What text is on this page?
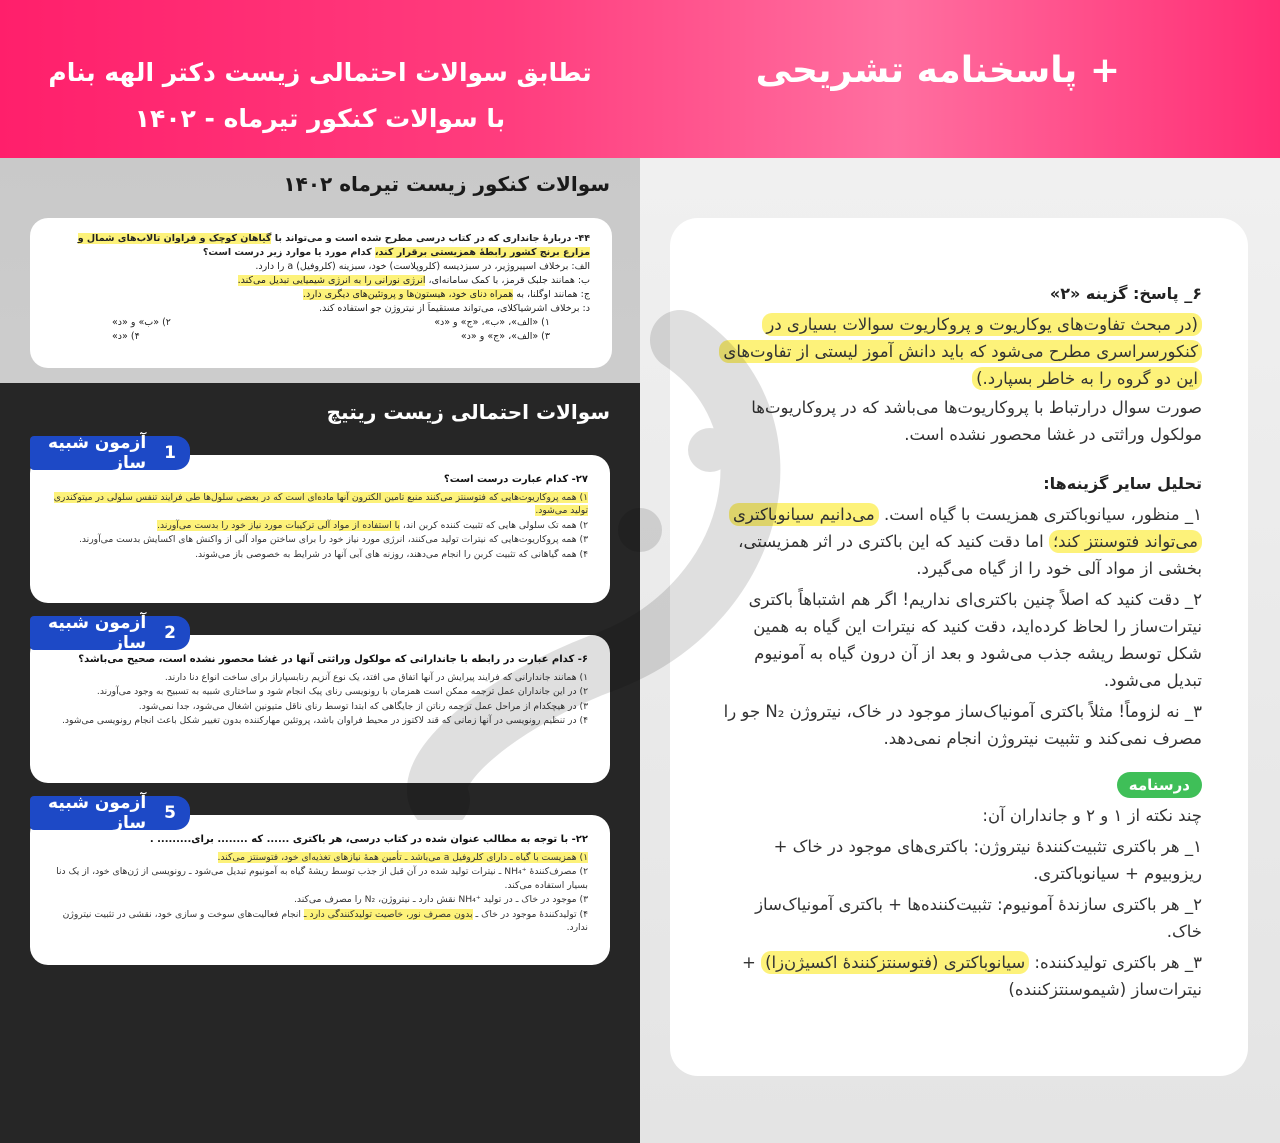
+ پاسخنامه تشریحی
تطابق سوالات احتمالی زیست دکتر الهه بنام
با سوالات کنکور تیرماه - ۱۴۰۲
سوالات کنکور زیست تیرماه ۱۴۰۲
۴۴- دربارهٔ جانداری که در کتاب درسی مطرح شده است و می‌تواند با گیاهان کوچک و فراوان تالاب‌های شمال و
مزارع برنج کشور رابطهٔ همزیستی برقرار کند، کدام مورد یا موارد زیر درست است؟
الف: برخلاف اسپیروژیر، در سبزدیسه (کلروپلاست) خود، سبزینه (کلروفیل) a را دارد.
ب: همانند جلبک قرمز، با کمک سامانه‌ای، انرژی نورانی را به انرژی شیمیایی تبدیل می‌کند.
ج: همانند اوگلنا، به همراه دنای خود، هیستون‌ها و پروتئین‌های دیگری دارد.
د: برخلاف اشرشیاکلای، می‌تواند مستقیماً از نیتروژن جو استفاده کند.
۱) «الف»، «ب»، «ج» و «د»
۲) «ب» و «د»
۳) «الف»، «ج» و «د»
۴) «د»
سوالات احتمالی زیست ریتیچ
۲۷- کدام عبارت درست است؟
۱) همه پروکاریوت‌هایی که فتوسنتز می‌کنند منبع تامین الکترون آنها ماده‌ای است که در بعضی سلول‌ها طی فرایند تنفس سلولی در میتوکندری تولید می‌شود.
۲) همه تک سلولی هایی که تثبیت کننده کربن اند، با استفاده از مواد آلی ترکیبات مورد نیاز خود را بدست می‌آورند.
۳) همه پروکاریوت‌هایی که نیترات تولید می‌کنند، انرژی مورد نیاز خود را برای ساختن مواد آلی از واکنش های اکسایش بدست می‌آورند.
۴) همه گیاهانی که تثبیت کربن را انجام می‌دهند، روزنه های آبی آنها در شرایط به خصوصی باز می‌شوند.
1
آزمون شبیه ساز
۶- کدام عبارت در رابطه با جاندارانی که مولکول وراثتی آنها در غشا محصور نشده است، صحیح می‌باشد؟
۱) همانند جاندارانی که فرایند پیرایش در آنها اتفاق می افتد، یک نوع آنزیم رنابسپاراز برای ساخت انواع دنا دارند.
۲) در این جانداران عمل ترجمه ممکن است همزمان با رونویسی رنای پیک انجام شود و ساختاری شبیه به تسبیح به وجود می‌آورند.
۳) در هیچکدام از مراحل عمل ترجمه رناتن از جایگاهی که ابتدا توسط رنای ناقل متیونین اشغال می‌شود، جدا نمی‌شود.
۴) در تنظیم رونویسی در آنها زمانی که قند لاکتوز در محیط فراوان باشد، پروتئین مهارکننده بدون تغییر شکل باعث انجام رونویسی می‌شود.
2
آزمون شبیه ساز
۲۲- با توجه به مطالب عنوان شده در کتاب درسی، هر باکتری ...... که ........ برای......... .
۱) همزیست با گیاه ـ دارای کلروفیل a می‌باشد ـ تأمین همهٔ نیازهای تغذیه‌ای خود، فتوسنتز می‌کند.
۲) مصرف‌کنندهٔ ‎NH₄⁺‎ ـ نیترات تولید شده در آن قبل از جذب توسط ریشهٔ گیاه به آمونیوم تبدیل می‌شود ـ رونویسی از ژن‌های خود، از یک دنا بسیار استفاده می‌کند.
۳) موجود در خاک ـ در تولید ‎NH₄⁺‎ نقش دارد ـ نیتروژن، ‎N₂‎ را مصرف می‌کند.
۴) تولیدکنندهٔ موجود در خاک ـ بدون مصرف نور، خاصیت تولیدکنندگی دارد ـ انجام فعالیت‌های سوخت و سازی خود، نقشی در تثبیت نیتروژن ندارد.
5
آزمون شبیه ساز
۶_ پاسخ: گزینه «۲»
(در مبحث تفاوت‌های یوکاریوت و پروکاریوت سوالات بسیاری در کنکورسراسری مطرح می‌شود که باید دانش آموز لیستی از تفاوت‌های این دو گروه را به خاطر بسپارد.)
صورت سوال درارتباط با پروکاریوت‌ها می‌باشد که در پروکاریوت‌ها مولکول وراثتی در غشا محصور نشده است.
تحلیل سایر گزینه‌ها:
۱_ منظور، سیانوباکتری همزیست با گیاه است. می‌دانیم سیانوباکتری می‌تواند فتوسنتز کند؛ اما دقت کنید که این باکتری در اثر همزیستی، بخشی از مواد آلی خود را از گیاه می‌گیرد.
۲_ دقت کنید که اصلاً چنین باکتری‌ای نداریم! اگر هم اشتباهاً باکتری نیترات‌ساز را لحاظ کرده‌اید، دقت کنید که نیترات این گیاه به همین شکل توسط ریشه جذب می‌شود و بعد از آن درون گیاه به آمونیوم تبدیل می‌شود.
۳_ نه لزوماً! مثلاً باکتری آمونیاک‌ساز موجود در خاک، نیتروژن N₂ جو را مصرف نمی‌کند و تثبیت نیتروژن انجام نمی‌دهد.
درسنامه
چند نکته از ۱ و ۲ و جانداران آن:
۱_ هر باکتری تثبیت‌کنندهٔ نیتروژن: باکتری‌های موجود در خاک + ریزوبیوم + سیانوباکتری.
۲_ هر باکتری سازندهٔ آمونیوم: تثبیت‌کننده‌ها + باکتری آمونیاک‌ساز خاک.
۳_ هر باکتری تولیدکننده: سیانوباکتری (فتوسنتزکنندهٔ اکسیژن‌زا) + نیترات‌ساز (شیموسنتزکننده)
